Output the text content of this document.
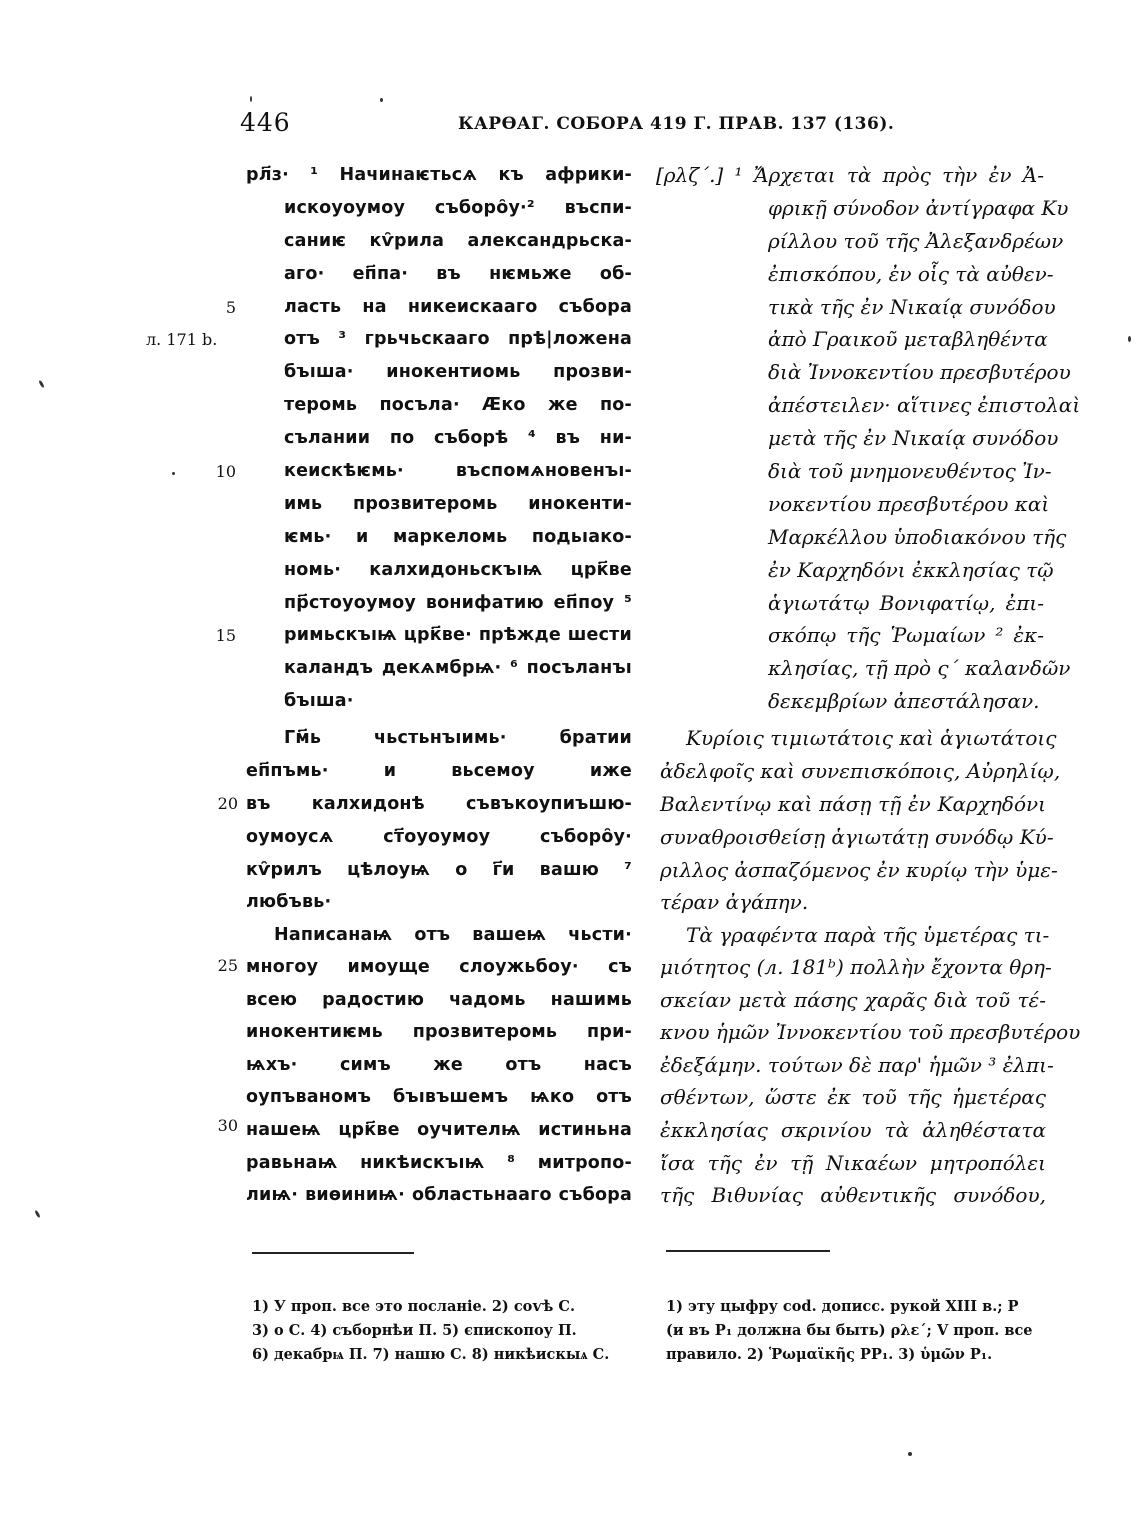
446	КАРѲАГ. СОБОРА 419 Г. ПРАВ. 137 (136).
5
л. 171 b.
10
15
20
25
30
рл҃з· ¹ Начинаѥтьсѧ къ африки-
искоуоумоу съборо̑у·² въспи-
саниѥ кѵ̑рила александрьска-
аго· еп҃па· въ нѥмьже об-
ласть на никеискааго събора
отъ ³ грьчьскааго прѣ|ложена
бъıша· инокентиомь прозви-
теромь посъла· Ӕко же по-
сълании по съборѣ ⁴ въ ни-
кеискѣѥмь· въспомѧновенъı-
имь прозвитеромь инокенти-
ѥмь· и маркеломь подьıако-
номь· калхидоньскъıѩ црк҃ве
пр҃стоуоумоу вонифатию еп҃поу ⁵
римьскъıѩ црк҃ве· прѣжде шести
каландъ декѧмбрѩ· ⁶ посъланъı
бъıша·
Гм҃ь чьстьнъıимь· братии
еп҃пъмь· и вьсемоу иже
въ калхидонѣ съвъкоупиъшю-
оумоусѧ ст҃оуоумоу съборо̑у·
кѵ̑рилъ цѣлоуѩ о г҃и вашю ⁷
любъвь·
Написанаѩ отъ вашеѩ чьсти·
многоу имоуще слоужьбоу· съ
всею радостию чадомь нашимь
инокентиѥмь прозвитеромь при-
ѩхъ· симъ же отъ насъ
оупъваномъ бъıвъшемъ ѩко отъ
нашеѩ црк҃ве оучителѩ истиньна
равьнаѩ никѣискъıѩ ⁸ митропо-
лиѩ· виѳиниѩ· областьнааго събора
[ρλζ΄.] ¹ Ἄρχεται τὰ πρὸς τὴν ἐν Ἀ-
φρικῇ σύνοδον ἀντίγραφα Κυ
ρίλλου τοῦ τῆς Ἀλεξανδρέων
ἐπισκόπου, ἐν οἷς τὰ αὐθεν-
τικὰ τῆς ἐν Νικαίᾳ συνόδου
ἀπὸ Γραικοῦ μεταβληθέντα
διὰ Ἰννοκεντίου πρεσβυτέρου
ἀπέστειλεν· αἵτινες ἐπιστολαὶ
μετὰ τῆς ἐν Νικαίᾳ συνόδου
διὰ τοῦ μνημονευθέντος Ἰν-
νοκεντίου πρεσβυτέρου καὶ
Μαρκέλλου ὑποδιακόνου τῆς
ἐν Καρχηδόνι ἐκκλησίας τῷ
ἁγιωτάτῳ Βονιφατίῳ, ἐπι-
σκόπῳ τῆς Ῥωμαίων ² ἐκ-
κλησίας, τῇ πρὸ ς΄ καλανδῶν
δεκεμβρίων ἀπεστάλησαν.
Κυρίοις τιμιωτάτοις καὶ ἁγιωτάτοις
ἀδελφοῖς καὶ συνεπισκόποις, Αὐρηλίῳ,
Βαλεντίνῳ καὶ πάσῃ τῇ ἐν Καρχηδόνι
συναθροισθείσῃ ἁγιωτάτῃ συνόδῳ Κύ-
ριλλος ἀσπαζόμενος ἐν κυρίῳ τὴν ὑμε-
τέραν ἀγάπην.
Τὰ γραφέντα παρὰ τῆς ὑμετέρας τι-
μιότητος (л. 181ᵇ) πολλὴν ἔχοντα θρη-
σκείαν μετὰ πάσης χαρᾶς διὰ τοῦ τέ-
κνου ἡμῶν Ἰννοκεντίου τοῦ πρεσβυτέρου
ἐδεξάμην. τούτων δὲ παρ' ἡμῶν ³ ἐλπι-
σθέντων, ὥστε ἐκ τοῦ τῆς ἡμετέρας
ἐκκλησίας σκρινίου τὰ ἀληθέστατα
ἴσα τῆς ἐν τῇ Νικαέων μητροπόλει
τῆς Βιθυνίας αὐθεντικῆς συνόδου,
1) У проп. все это посланіе. 2) соѵѣ С.
3) о С. 4) съборнѣи П. 5) єпископоу П.
6) декабрѩ П. 7) нашю С. 8) никѣискыѧ С.
1) эту цыфру cod. дописс. рукой XIII в.; Р
(и въ Р₁ должна бы быть) ρλε΄; V проп. все
правило. 2) Ῥωμαϊκῆς PP₁. 3) ὑμῶν P₁.
